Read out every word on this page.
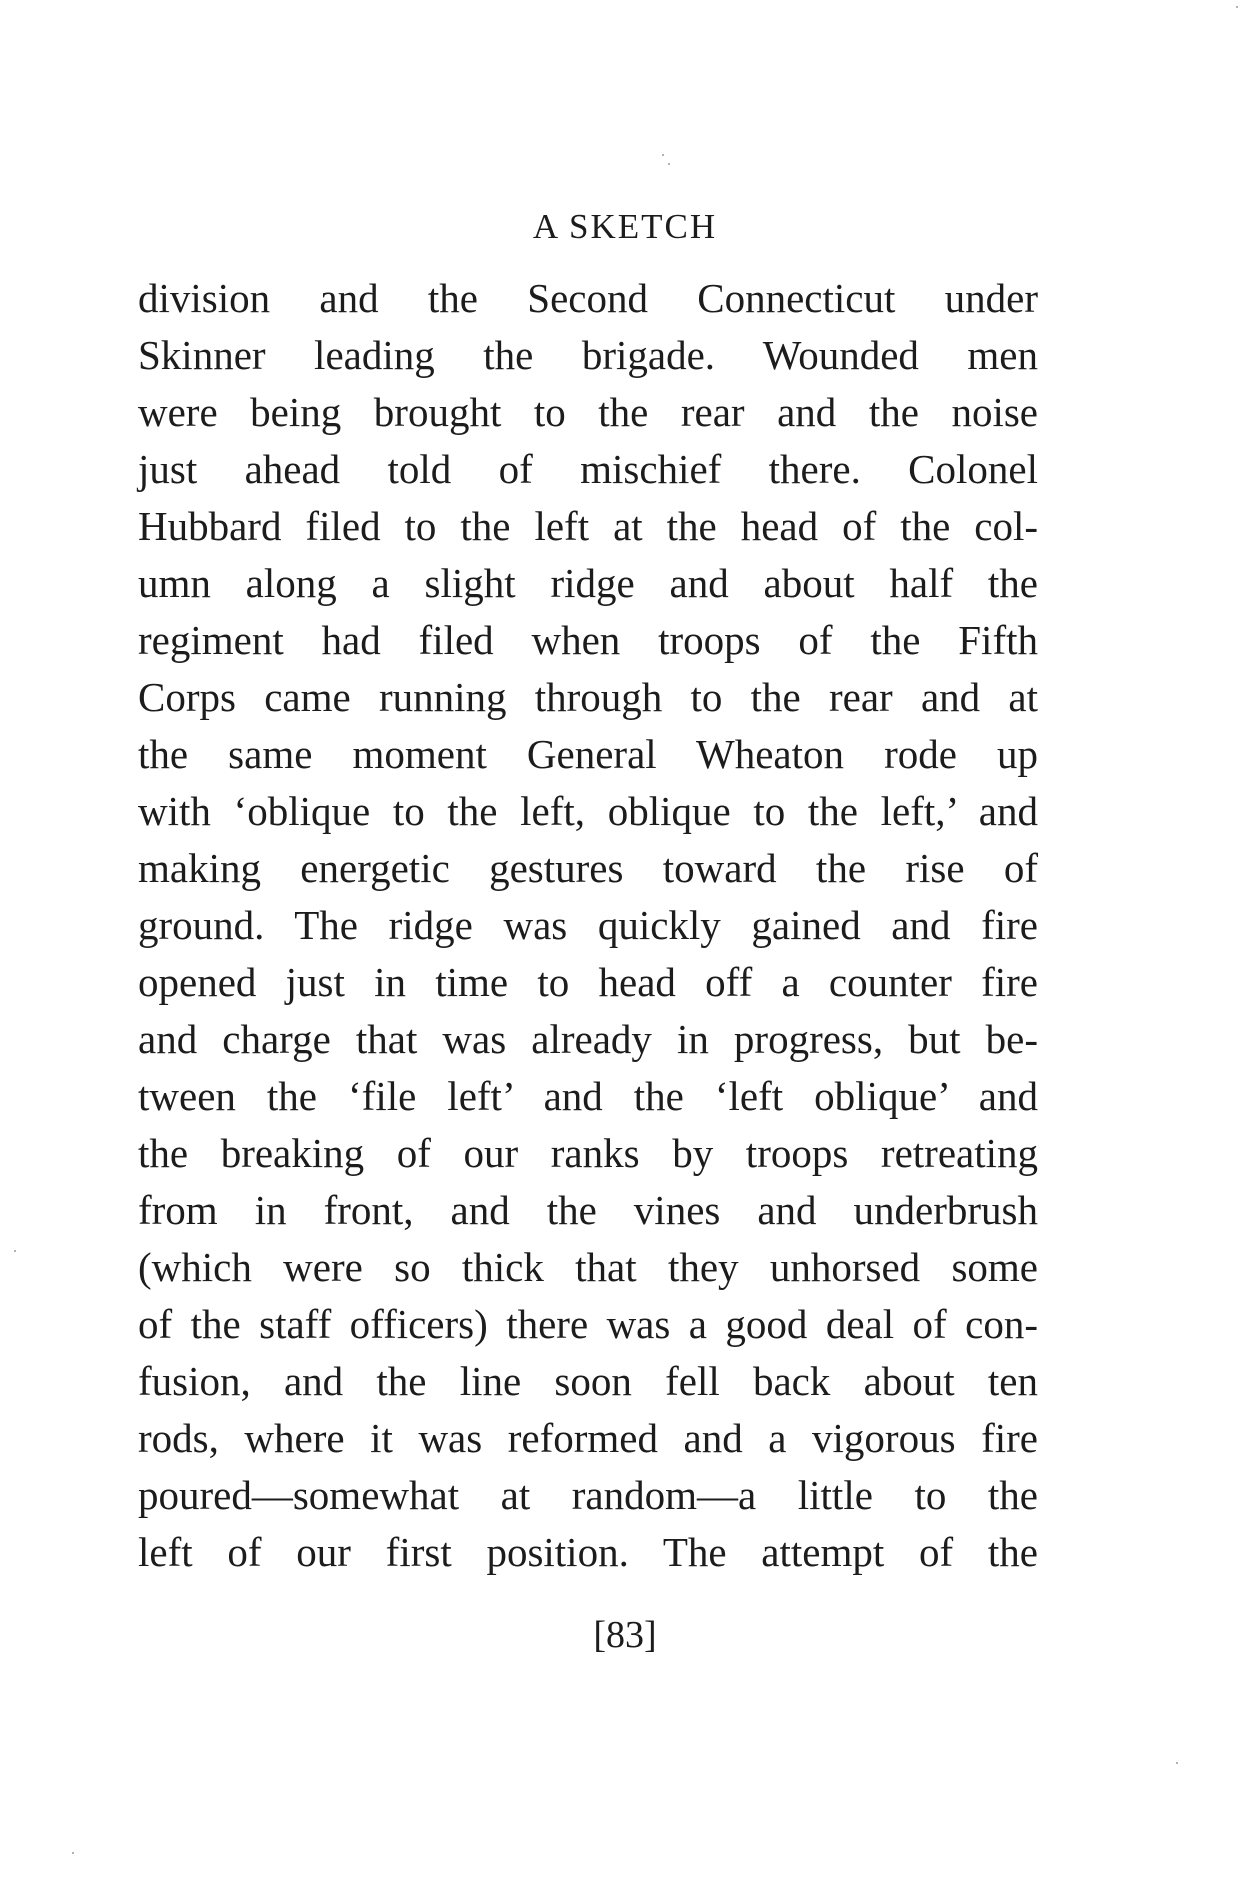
A SKETCH
division and the Second Connecticut under
Skinner leading the brigade. Wounded men
were being brought to the rear and the noise
just ahead told of mischief there. Colonel
Hubbard filed to the left at the head of the col-
umn along a slight ridge and about half the
regiment had filed when troops of the Fifth
Corps came running through to the rear and at
the same moment General Wheaton rode up
with ‘oblique to the left, oblique to the left,’ and
making energetic gestures toward the rise of
ground. The ridge was quickly gained and fire
opened just in time to head off a counter fire
and charge that was already in progress, but be-
tween the ‘file left’ and the ‘left oblique’ and
the breaking of our ranks by troops retreating
from in front, and the vines and underbrush
(which were so thick that they unhorsed some
of the staff officers) there was a good deal of con-
fusion, and the line soon fell back about ten
rods, where it was reformed and a vigorous fire
poured—somewhat at random—a little to the
left of our first position. The attempt of the
[83]
